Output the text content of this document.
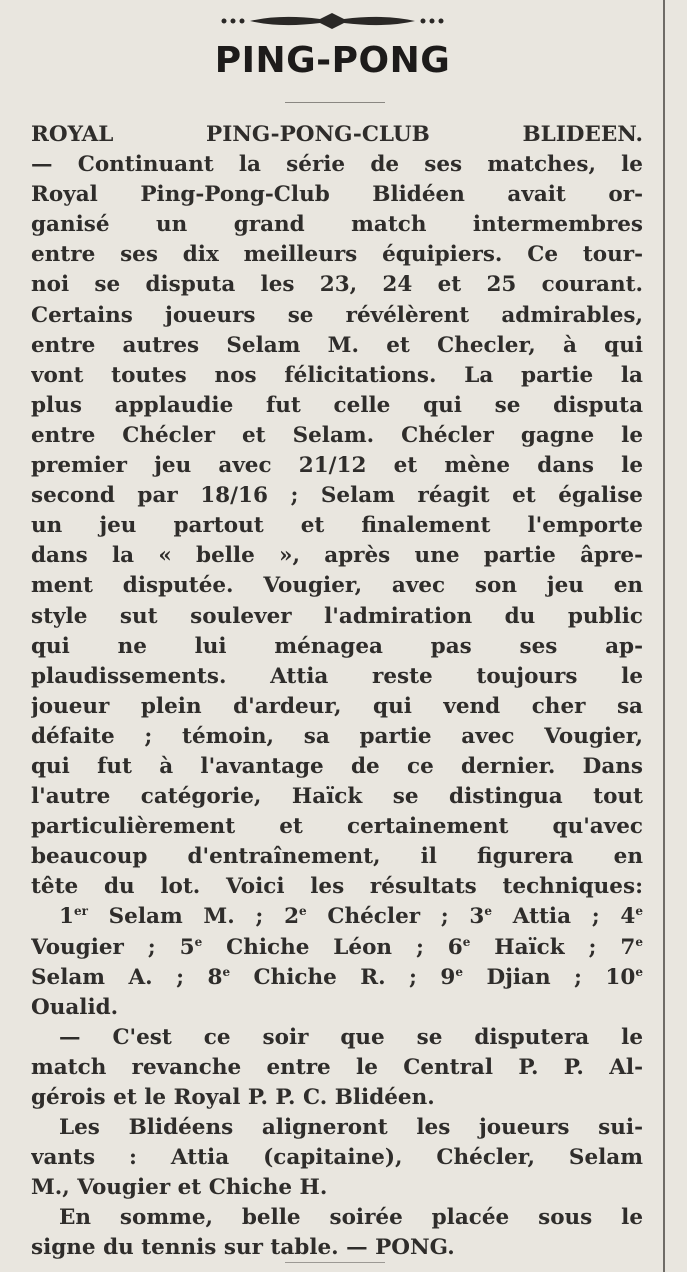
PING-PONG
ROYAL PING-PONG-CLUB BLIDEEN.
— Continuant la série de ses matches, le
Royal Ping-Pong-Club Blidéen avait or-
ganisé un grand match intermembres
entre ses dix meilleurs équipiers. Ce tour-
noi se disputa les 23, 24 et 25 courant.
Certains joueurs se révélèrent admirables,
entre autres Selam M. et Checler, à qui
vont toutes nos félicitations. La partie la
plus applaudie fut celle qui se disputa
entre Chécler et Selam. Chécler gagne le
premier jeu avec 21/12 et mène dans le
second par 18/16 ; Selam réagit et égalise
un jeu partout et finalement l'emporte
dans la « belle », après une partie âpre-
ment disputée. Vougier, avec son jeu en
style sut soulever l'admiration du public
qui ne lui ménagea pas ses ap-
plaudissements. Attia reste toujours le
joueur plein d'ardeur, qui vend cher sa
défaite ; témoin, sa partie avec Vougier,
qui fut à l'avantage de ce dernier. Dans
l'autre catégorie, Haïck se distingua tout
particulièrement et certainement qu'avec
beaucoup d'entraînement, il figurera en
tête du lot. Voici les résultats techniques:
1er Selam M. ; 2e Chécler ; 3e Attia ; 4e
Vougier ; 5e Chiche Léon ; 6e Haïck ; 7e
Selam A. ; 8e Chiche R. ; 9e Djian ; 10e
Oualid.
— C'est ce soir que se disputera le
match revanche entre le Central P. P. Al-
gérois et le Royal P. P. C. Blidéen.
Les Blidéens aligneront les joueurs sui-
vants : Attia (capitaine), Chécler, Selam
M., Vougier et Chiche H.
En somme, belle soirée placée sous le
signe du tennis sur table. — PONG.
